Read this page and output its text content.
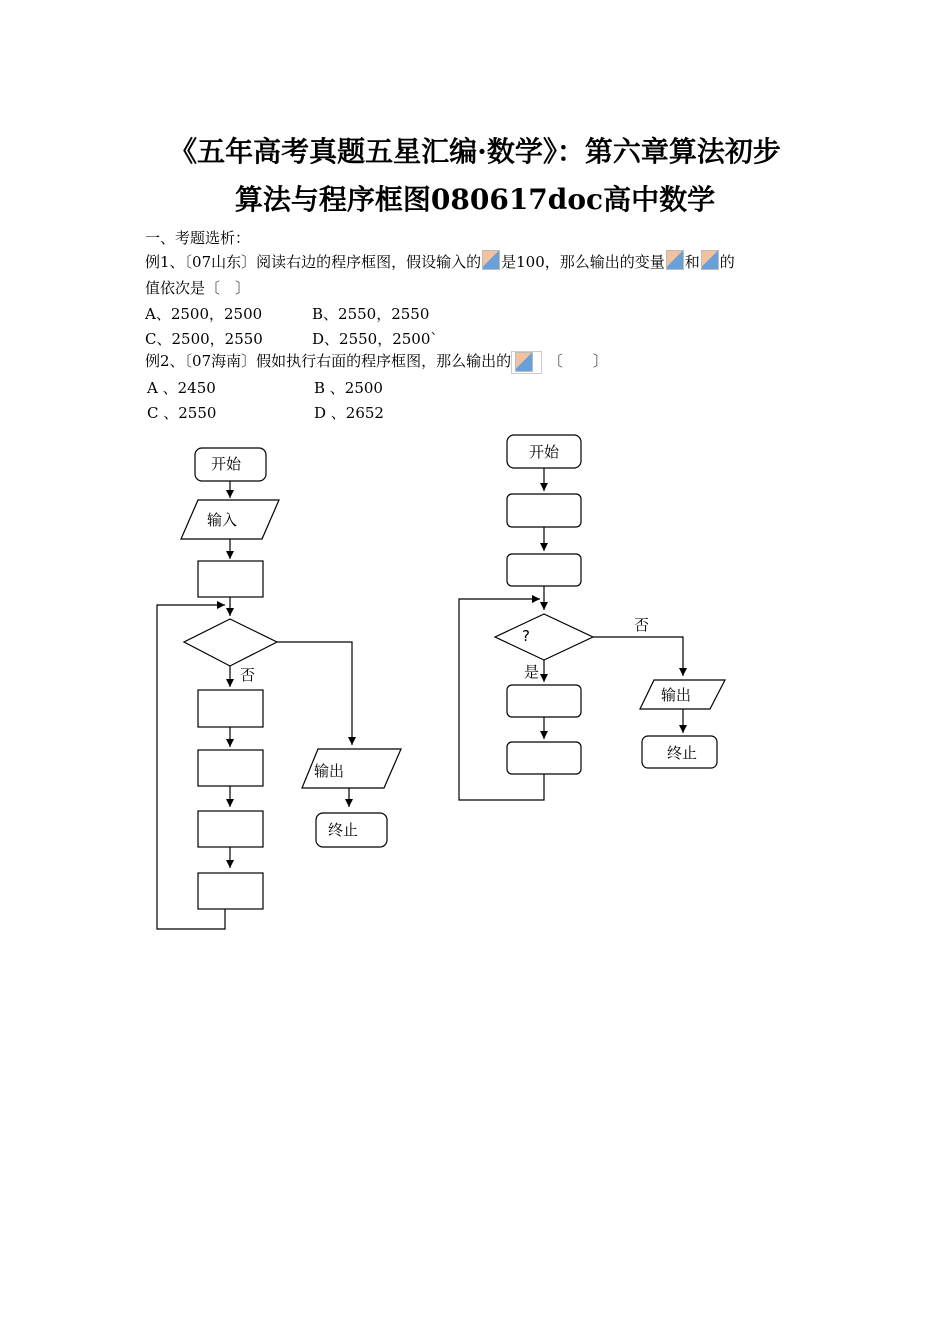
《五年高考真题五星汇编·数学》：第六章算法初步
算法与程序框图080617doc高中数学
一、考题选析：
例1、〔07山东〕阅读右边的程序框图，假设输入的 是100，那么输出的变量 和 的
值依次是〔　〕
A、2500，2500	B、2550，2550
C、2500，2550	D、2550，2500`
例2、〔07海南〕假如执行右面的程序框图，那么输出的 〔　　〕
A 、2450	B 、2500
C 、2550	D 、2652
开始
输入
否
输出
终止
开始
?
是
否
输出
终止
